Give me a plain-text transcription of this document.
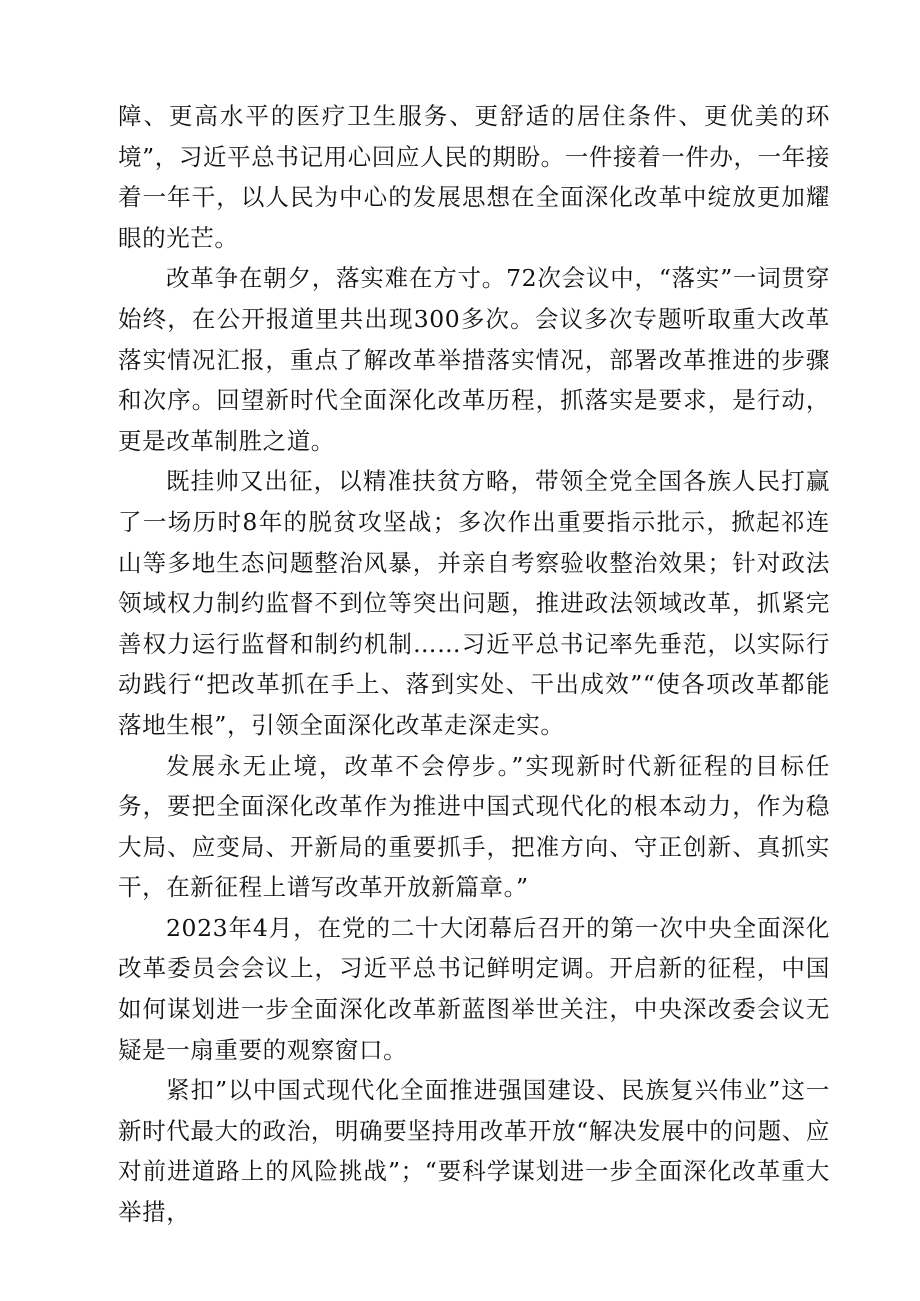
障、更高水平的医疗卫生服务、更舒适的居住条件、更优美的环境”，习近平总书记用心回应人民的期盼。一件接着一件办，一年接着一年干，以人民为中心的发展思想在全面深化改革中绽放更加耀眼的光芒。

改革争在朝夕，落实难在方寸。72次会议中，“落实”一词贯穿始终，在公开报道里共出现300多次。会议多次专题听取重大改革落实情况汇报，重点了解改革举措落实情况，部署改革推进的步骤和次序。回望新时代全面深化改革历程，抓落实是要求，是行动，更是改革制胜之道。

既挂帅又出征，以精准扶贫方略，带领全党全国各族人民打赢了一场历时8年的脱贫攻坚战；多次作出重要指示批示，掀起祁连山等多地生态问题整治风暴，并亲自考察验收整治效果；针对政法领域权力制约监督不到位等突出问题，推进政法领域改革，抓紧完善权力运行监督和制约机制……习近平总书记率先垂范，以实际行动践行“把改革抓在手上、落到实处、干出成效”“使各项改革都能落地生根”，引领全面深化改革走深走实。

发展永无止境，改革不会停步。”实现新时代新征程的目标任务，要把全面深化改革作为推进中国式现代化的根本动力，作为稳大局、应变局、开新局的重要抓手，把准方向、守正创新、真抓实干，在新征程上谱写改革开放新篇章。”

2023年4月，在党的二十大闭幕后召开的第一次中央全面深化改革委员会会议上，习近平总书记鲜明定调。开启新的征程，中国如何谋划进一步全面深化改革新蓝图举世关注，中央深改委会议无疑是一扇重要的观察窗口。

紧扣”以中国式现代化全面推进强国建设、民族复兴伟业”这一新时代最大的政治，明确要坚持用改革开放“解决发展中的问题、应对前进道路上的风险挑战”；“要科学谋划进一步全面深化改革重大举措，
